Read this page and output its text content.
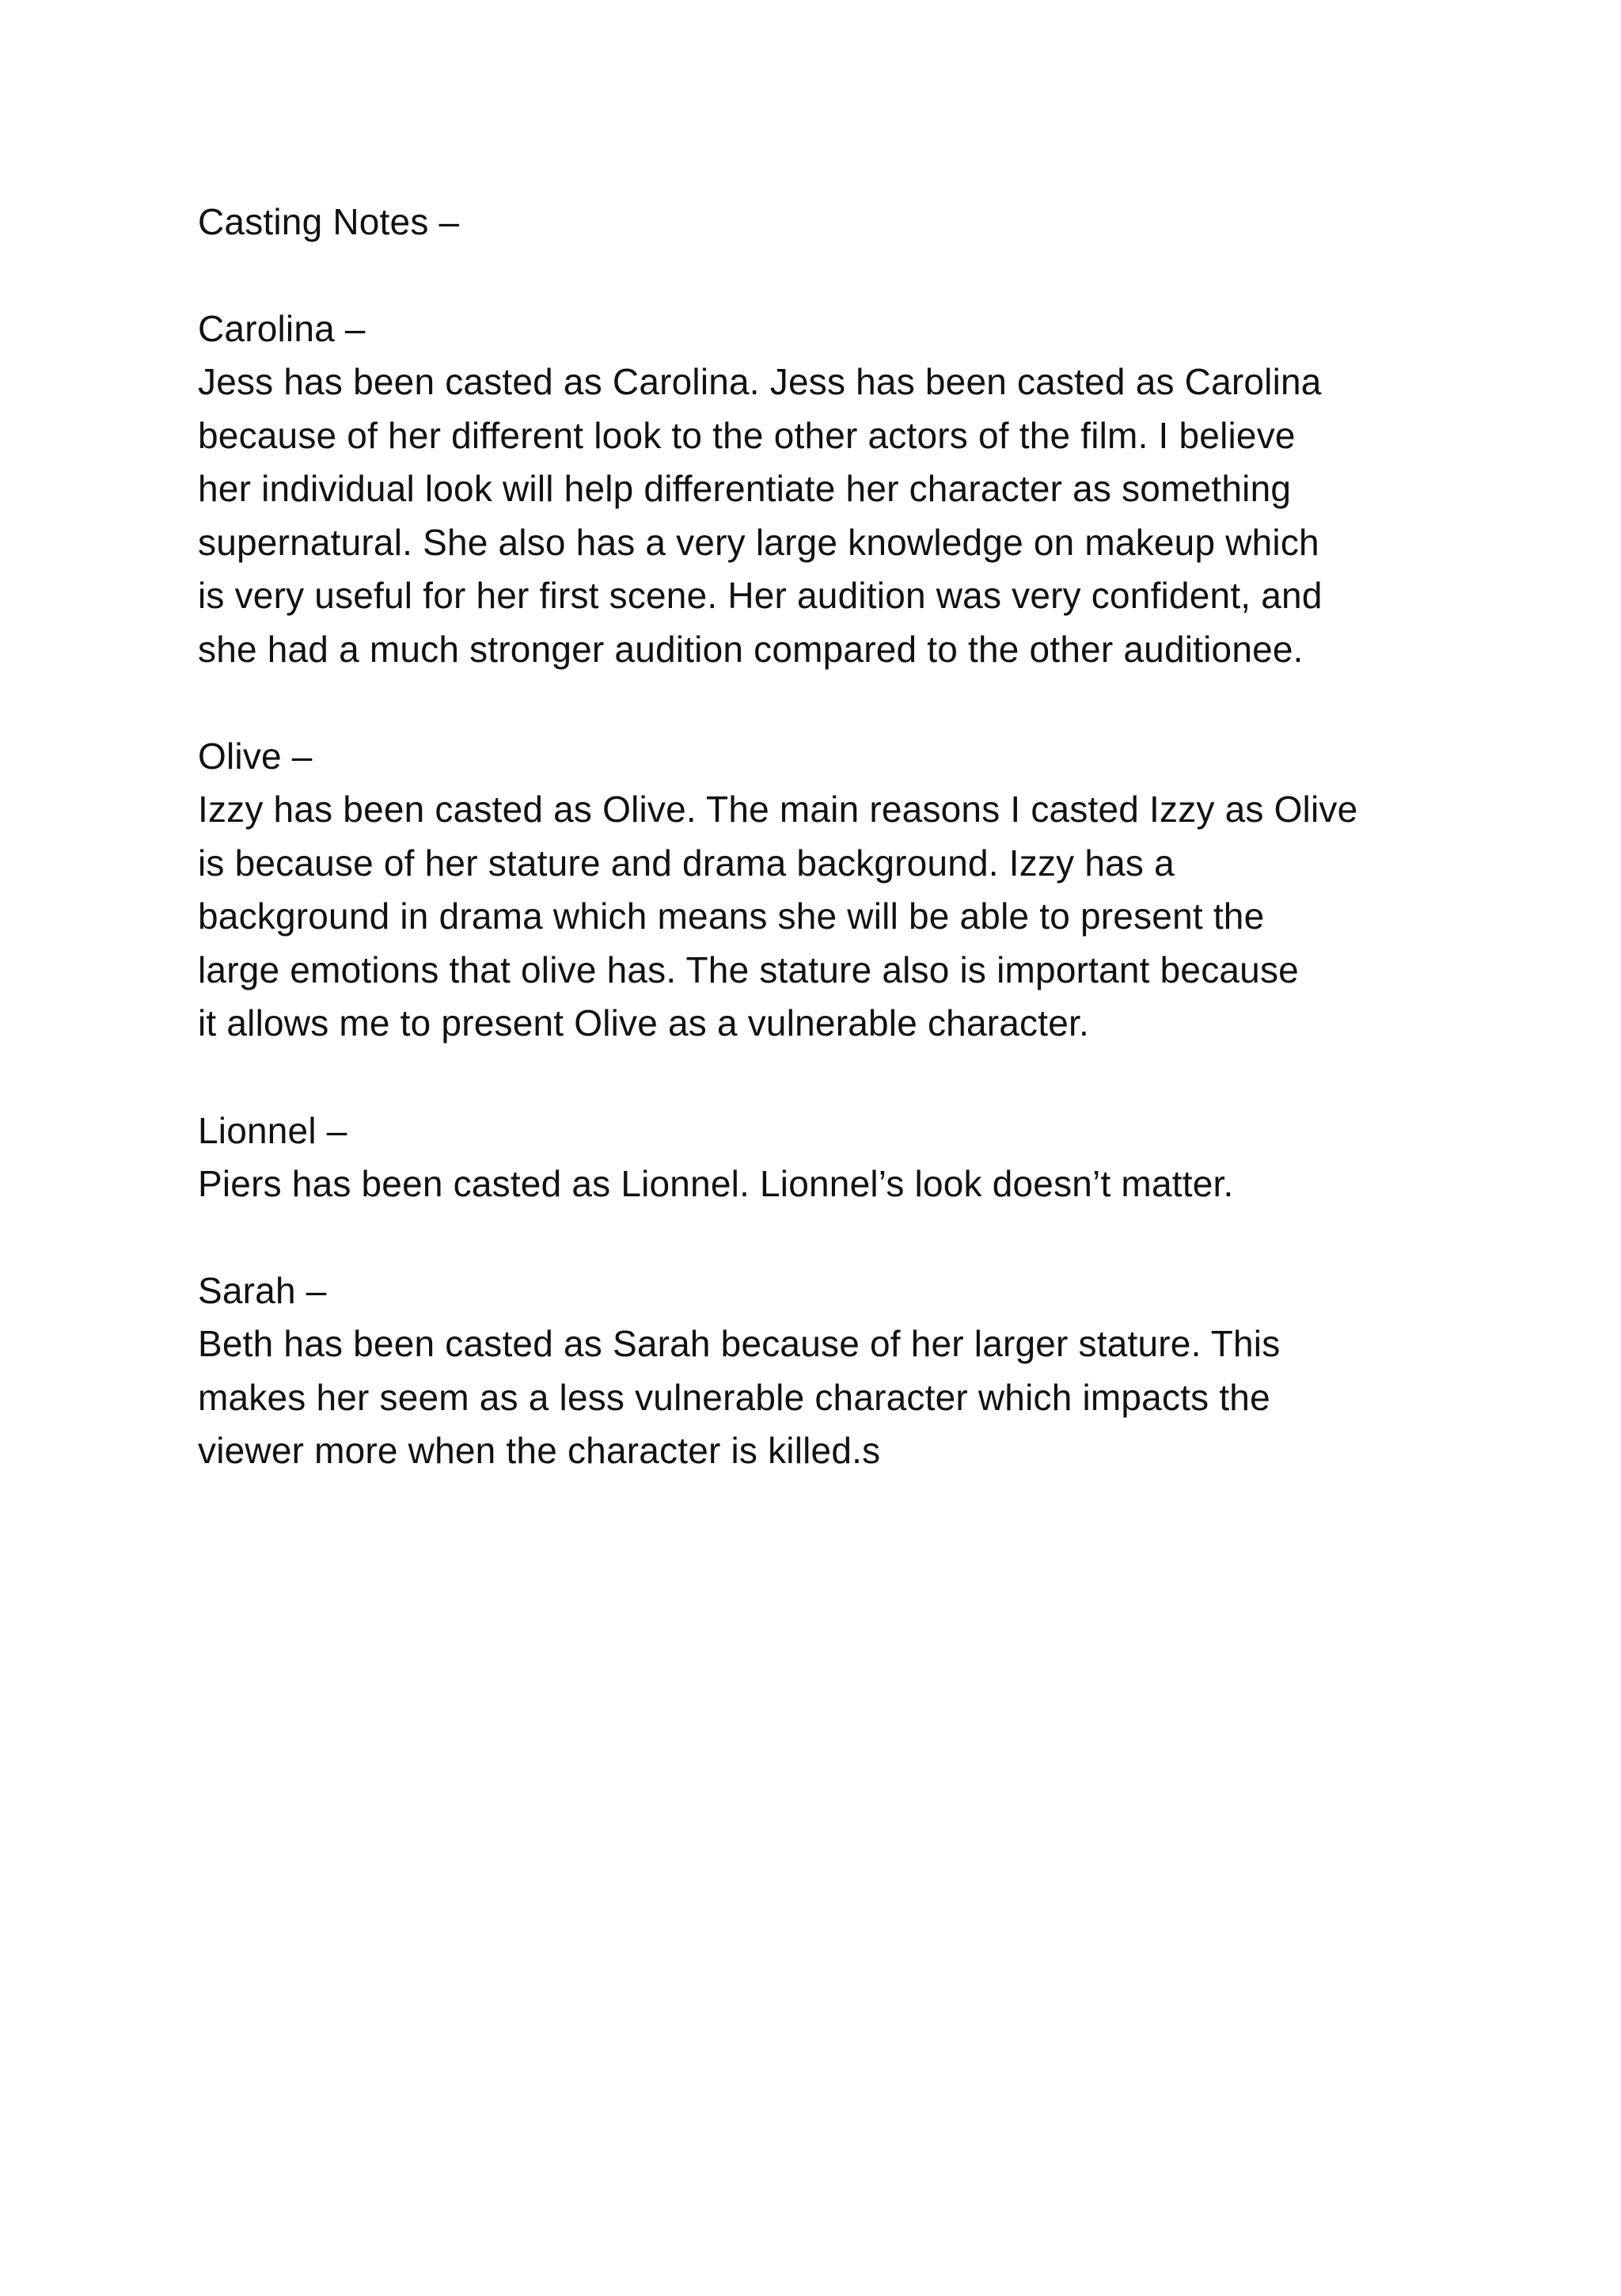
Casting Notes –

Carolina –

Jess has been casted as Carolina. Jess has been casted as Carolina
because of her different look to the other actors of the film. I believe
her individual look will help differentiate her character as something
supernatural. She also has a very large knowledge on makeup which
is very useful for her first scene. Her audition was very confident, and
she had a much stronger audition compared to the other auditionee.

Olive –

Izzy has been casted as Olive. The main reasons I casted Izzy as Olive
is because of her stature and drama background. Izzy has a
background in drama which means she will be able to present the
large emotions that olive has. The stature also is important because
it allows me to present Olive as a vulnerable character.

Lionnel –

Piers has been casted as Lionnel. Lionnel’s look doesn’t matter.

Sarah –

Beth has been casted as Sarah because of her larger stature. This
makes her seem as a less vulnerable character which impacts the
viewer more when the character is killed.s
